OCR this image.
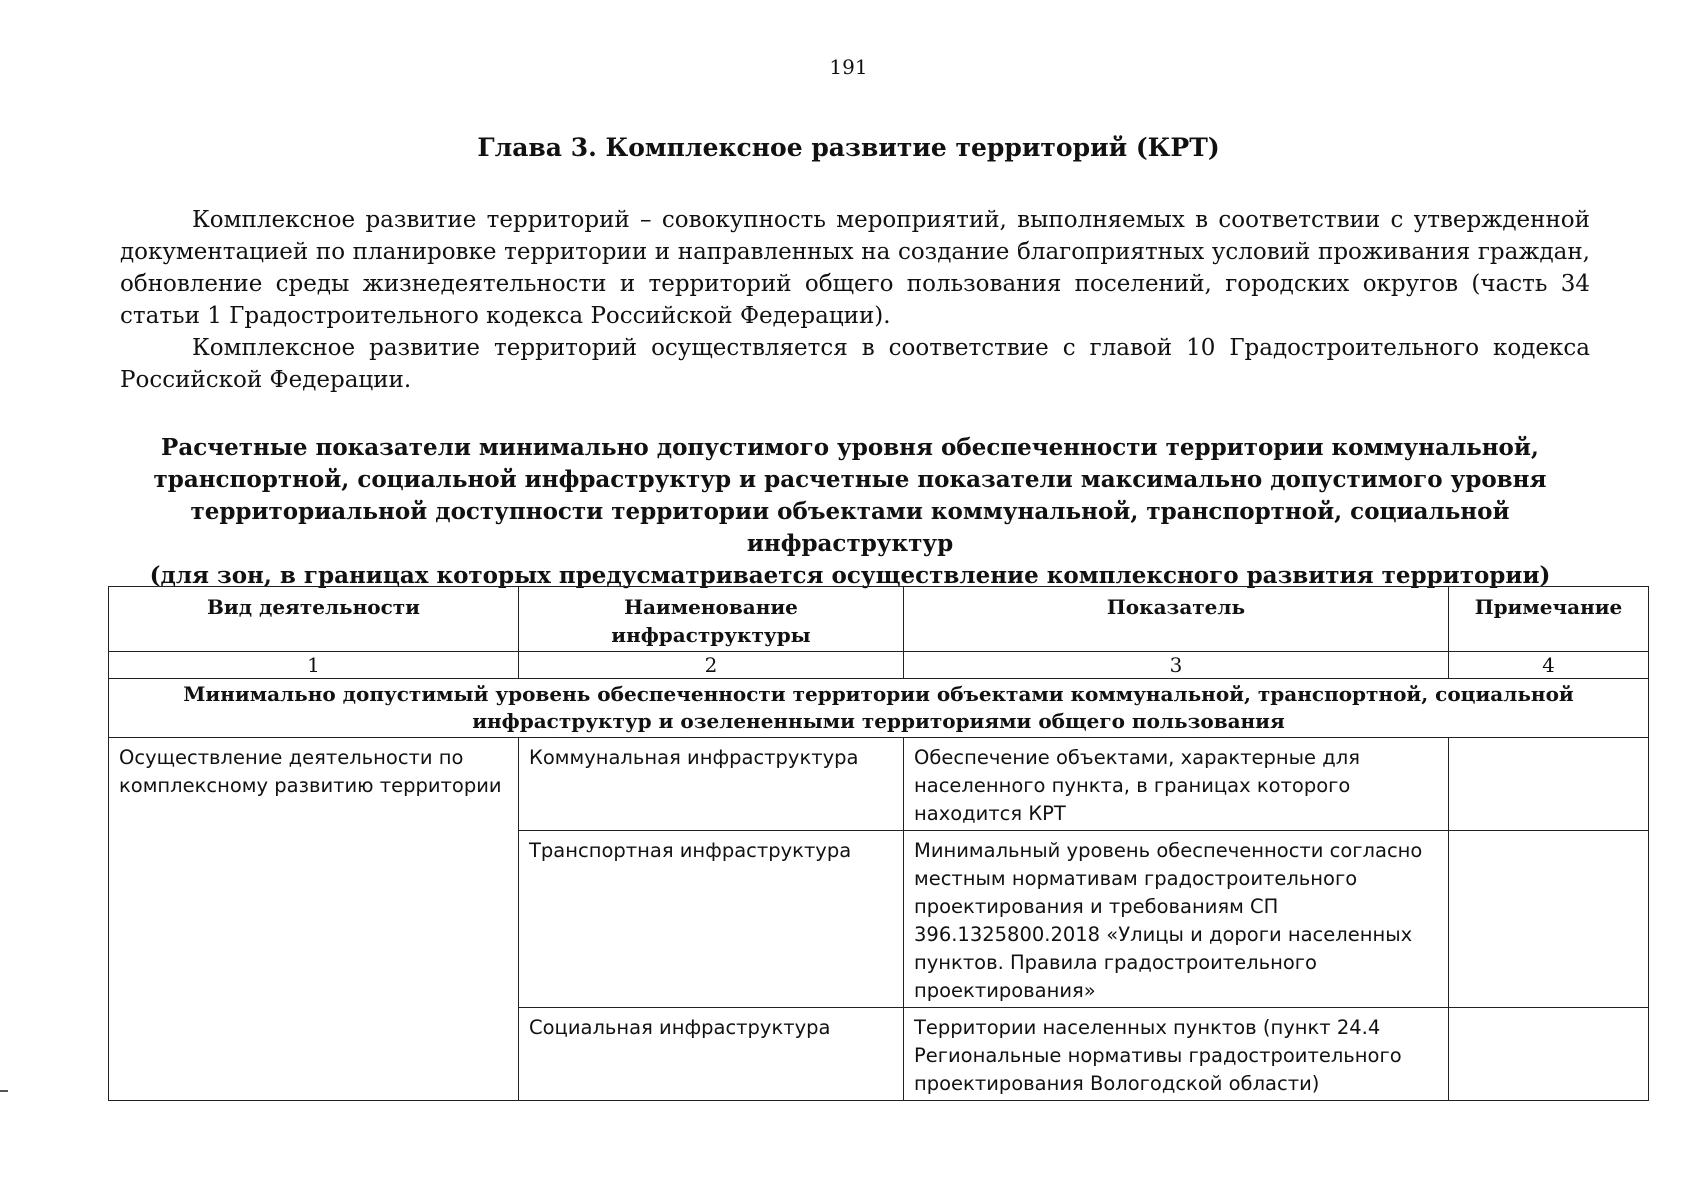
191
Глава 3. Комплексное развитие территорий (КРТ)

Комплексное развитие территорий – совокупность мероприятий, выполняемых в соответствии с утвержденной документацией по планировке территории и направленных на создание благоприятных условий проживания граждан, обновление среды жизнедеятельности и территорий общего пользования поселений, городских округов (часть 34 статьи 1 Градостроительного кодекса Российской Федерации).

Комплексное развитие территорий осуществляется в соответствие с главой 10 Градостроительного кодекса Российской Федерации.

Расчетные показатели минимально допустимого уровня обеспеченности территории коммунальной,
транспортной, социальной инфраструктур и расчетные показатели максимально допустимого уровня
территориальной доступности территории объектами коммунальной, транспортной, социальной инфраструктур
(для зон, в границах которых предусматривается осуществление комплексного развития территории)
Вид деятельности	Наименование инфраструктуры	Показатель	Примечание
1	2	3	4
Минимально допустимый уровень обеспеченности территории объектами коммунальной, транспортной, социальной инфраструктур и озелененными территориями общего пользования			
Осуществление деятельности по комплексному развитию территории	Коммунальная инфраструктура	Обеспечение объектами, характерные для населенного пункта, в границах которого находится КРТ	
	Транспортная инфраструктура	Минимальный уровень обеспеченности согласно местным нормативам градостроительного проектирования и требованиям СП 396.1325800.2018 «Улицы и дороги населенных пунктов. Правила градостроительного проектирования»	
	Социальная инфраструктура	Территории населенных пунктов (пункт 24.4 Региональные нормативы градостроительного проектирования Вологодской области)	
